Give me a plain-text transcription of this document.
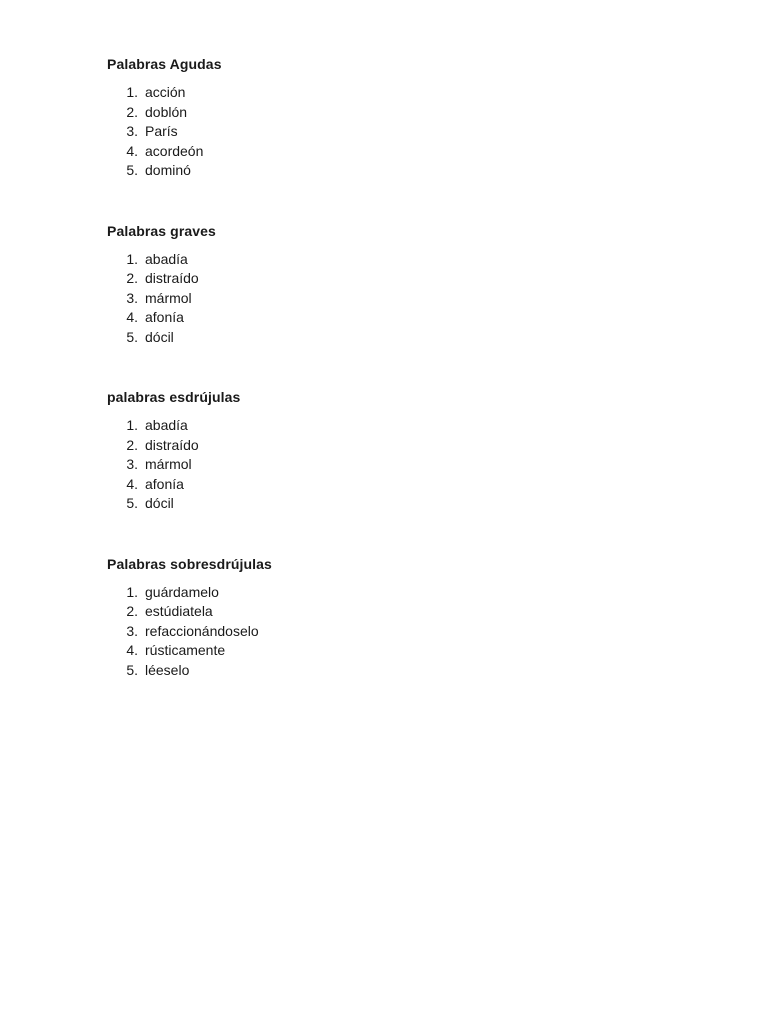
Palabras Agudas
1. acción
2. doblón
3. París
4. acordeón
5. dominó
Palabras graves
1. abadía
2. distraído
3. mármol
4. afonía
5. dócil
palabras esdrújulas
1. abadía
2. distraído
3. mármol
4. afonía
5. dócil
Palabras sobresdrújulas
1. guárdamelo
2. estúdiatela
3. refaccionándoselo
4. rústicamente
5. léeselo
